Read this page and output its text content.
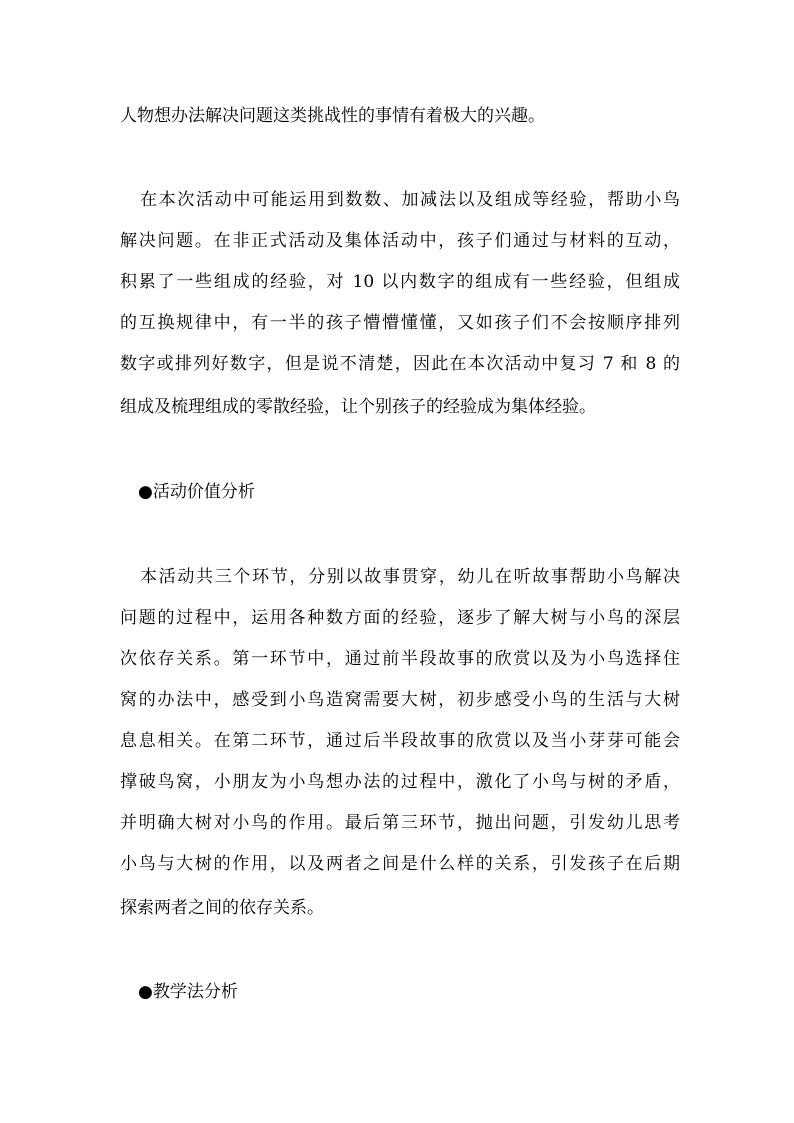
人物想办法解决问题这类挑战性的事情有着极大的兴趣。
在本次活动中可能运用到数数、加减法以及组成等经验，帮助小鸟
解决问题。在非正式活动及集体活动中，孩子们通过与材料的互动，
积累了一些组成的经验，对 10 以内数字的组成有一些经验，但组成
的互换规律中，有一半的孩子懵懵懂懂，又如孩子们不会按顺序排列
数字或排列好数字，但是说不清楚，因此在本次活动中复习 7 和 8 的
组成及梳理组成的零散经验，让个别孩子的经验成为集体经验。
●活动价值分析
本活动共三个环节，分别以故事贯穿，幼儿在听故事帮助小鸟解决
问题的过程中，运用各种数方面的经验，逐步了解大树与小鸟的深层
次依存关系。第一环节中，通过前半段故事的欣赏以及为小鸟选择住
窝的办法中，感受到小鸟造窝需要大树，初步感受小鸟的生活与大树
息息相关。在第二环节，通过后半段故事的欣赏以及当小芽芽可能会
撑破鸟窝，小朋友为小鸟想办法的过程中，激化了小鸟与树的矛盾，
并明确大树对小鸟的作用。最后第三环节，抛出问题，引发幼儿思考
小鸟与大树的作用，以及两者之间是什么样的关系，引发孩子在后期
探索两者之间的依存关系。
●教学法分析
